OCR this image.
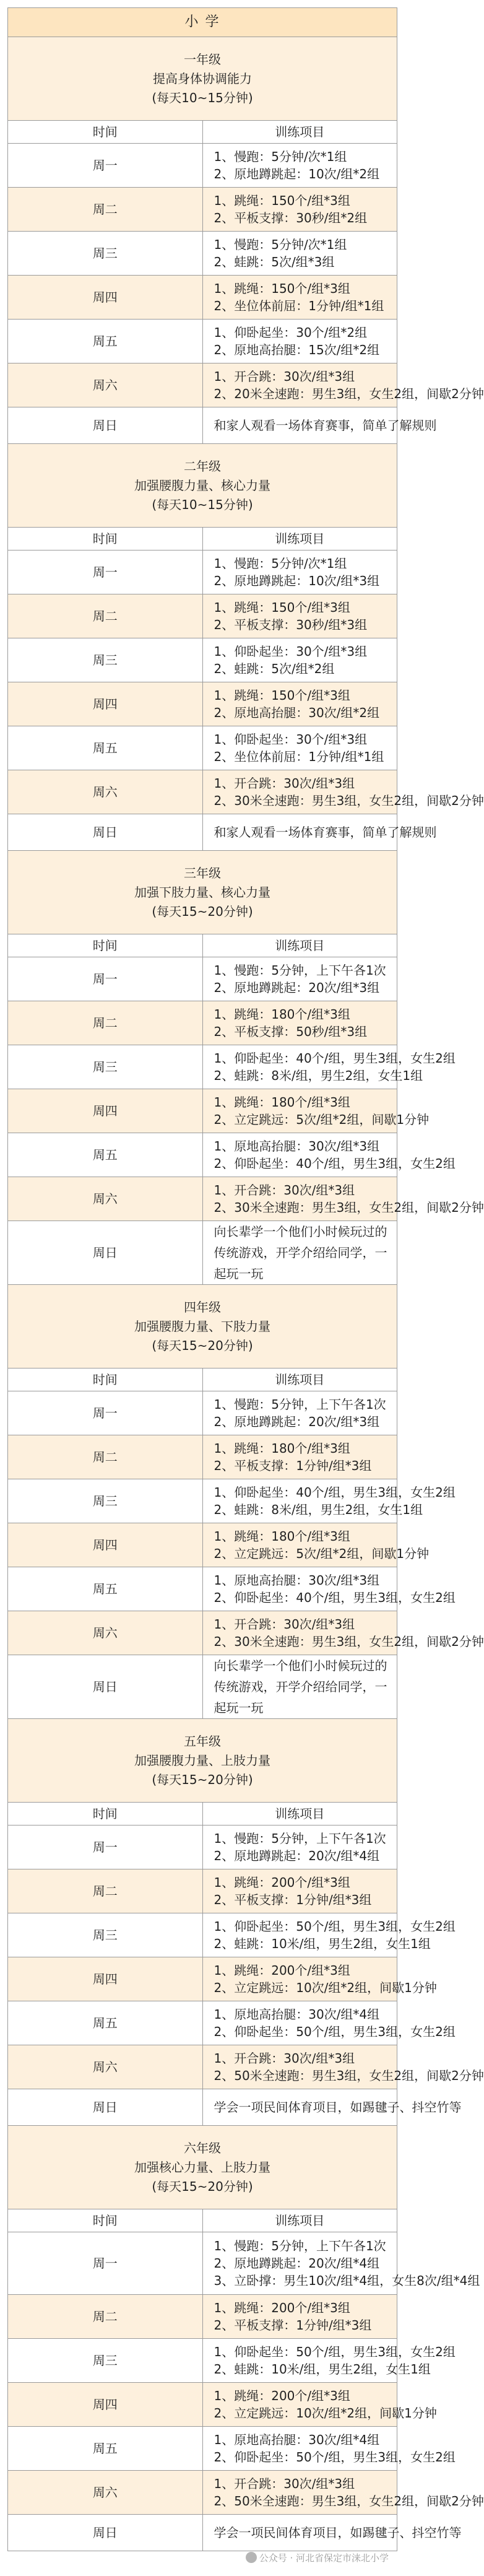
小 学	

一年级
提高身体协调能力
(每天10~15分钟)	

时间	训练项目
周一	1、慢跑：5分钟/次*1组
2、原地蹲跳起：10次/组*2组

周二	1、跳绳：150个/组*3组
2、平板支撑：30秒/组*2组

周三	1、慢跑：5分钟/次*1组
2、蛙跳：5次/组*3组

周四	1、跳绳：150个/组*3组
2、坐位体前屈：1分钟/组*1组

周五	1、仰卧起坐：30个/组*2组
2、原地高抬腿：15次/组*2组

周六	1、开合跳：30次/组*3组
2、20米全速跑：男生3组，女生2组，间歇2分钟

周日	和家人观看一场体育赛事，简单了解规则

二年级
加强腰腹力量、核心力量
(每天10~15分钟)	

时间	训练项目
周一	1、慢跑：5分钟/次*1组
2、原地蹲跳起：10次/组*3组

周二	1、跳绳：150个/组*3组
2、平板支撑：30秒/组*3组

周三	1、仰卧起坐：30个/组*3组
2、蛙跳：5次/组*2组

周四	1、跳绳：150个/组*3组
2、原地高抬腿：30次/组*2组

周五	1、仰卧起坐：30个/组*3组
2、坐位体前屈：1分钟/组*1组

周六	1、开合跳：30次/组*3组
2、30米全速跑：男生3组，女生2组，间歇2分钟

周日	和家人观看一场体育赛事，简单了解规则

三年级
加强下肢力量、核心力量
(每天15~20分钟)	

时间	训练项目
周一	1、慢跑：5分钟，上下午各1次
2、原地蹲跳起：20次/组*3组

周二	1、跳绳：180个/组*3组
2、平板支撑：50秒/组*3组

周三	1、仰卧起坐：40个/组，男生3组，女生2组
2、蛙跳：8米/组，男生2组，女生1组

周四	1、跳绳：180个/组*3组
2、立定跳远：5次/组*2组，间歇1分钟

周五	1、原地高抬腿：30次/组*3组
2、仰卧起坐：40个/组，男生3组，女生2组

周六	1、开合跳：30次/组*3组
2、30米全速跑：男生3组，女生2组，间歇2分钟

周日	向长辈学一个他们小时候玩过的传统游戏，开学介绍给同学，一起玩一玩

四年级
加强腰腹力量、下肢力量
(每天15~20分钟)	

时间	训练项目
周一	1、慢跑：5分钟，上下午各1次
2、原地蹲跳起：20次/组*3组

周二	1、跳绳：180个/组*3组
2、平板支撑：1分钟/组*3组

周三	1、仰卧起坐：40个/组，男生3组，女生2组
2、蛙跳：8米/组，男生2组，女生1组

周四	1、跳绳：180个/组*3组
2、立定跳远：5次/组*2组，间歇1分钟

周五	1、原地高抬腿：30次/组*3组
2、仰卧起坐：40个/组，男生3组，女生2组

周六	1、开合跳：30次/组*3组
2、30米全速跑：男生3组，女生2组，间歇2分钟

周日	向长辈学一个他们小时候玩过的传统游戏，开学介绍给同学，一起玩一玩

五年级
加强腰腹力量、上肢力量
(每天15~20分钟)	

时间	训练项目
周一	1、慢跑：5分钟，上下午各1次
2、原地蹲跳起：20次/组*4组

周二	1、跳绳：200个/组*3组
2、平板支撑：1分钟/组*3组

周三	1、仰卧起坐：50个/组，男生3组，女生2组
2、蛙跳：10米/组，男生2组，女生1组

周四	1、跳绳：200个/组*3组
2、立定跳远：10次/组*2组，间歇1分钟

周五	1、原地高抬腿：30次/组*4组
2、仰卧起坐：50个/组，男生3组，女生2组

周六	1、开合跳：30次/组*3组
2、50米全速跑：男生3组，女生2组，间歇2分钟

周日	学会一项民间体育项目，如踢毽子、抖空竹等

六年级
加强核心力量、上肢力量
(每天15~20分钟)	

时间	训练项目
周一	1、慢跑：5分钟，上下午各1次
2、原地蹲跳起：20次/组*4组
3、立卧撑：男生10次/组*4组，女生8次/组*4组

周二	1、跳绳：200个/组*3组
2、平板支撑：1分钟/组*3组

周三	1、仰卧起坐：50个/组，男生3组，女生2组
2、蛙跳：10米/组，男生2组，女生1组

周四	1、跳绳：200个/组*3组
2、立定跳远：10次/组*2组，间歇1分钟

周五	1、原地高抬腿：30次/组*4组
2、仰卧起坐：50个/组，男生3组，女生2组

周六	1、开合跳：30次/组*3组
2、50米全速跑：男生3组，女生2组，间歇2分钟

周日	学会一项民间体育项目，如踢毽子、抖空竹等
公众号 · 河北省保定市涞北小学
